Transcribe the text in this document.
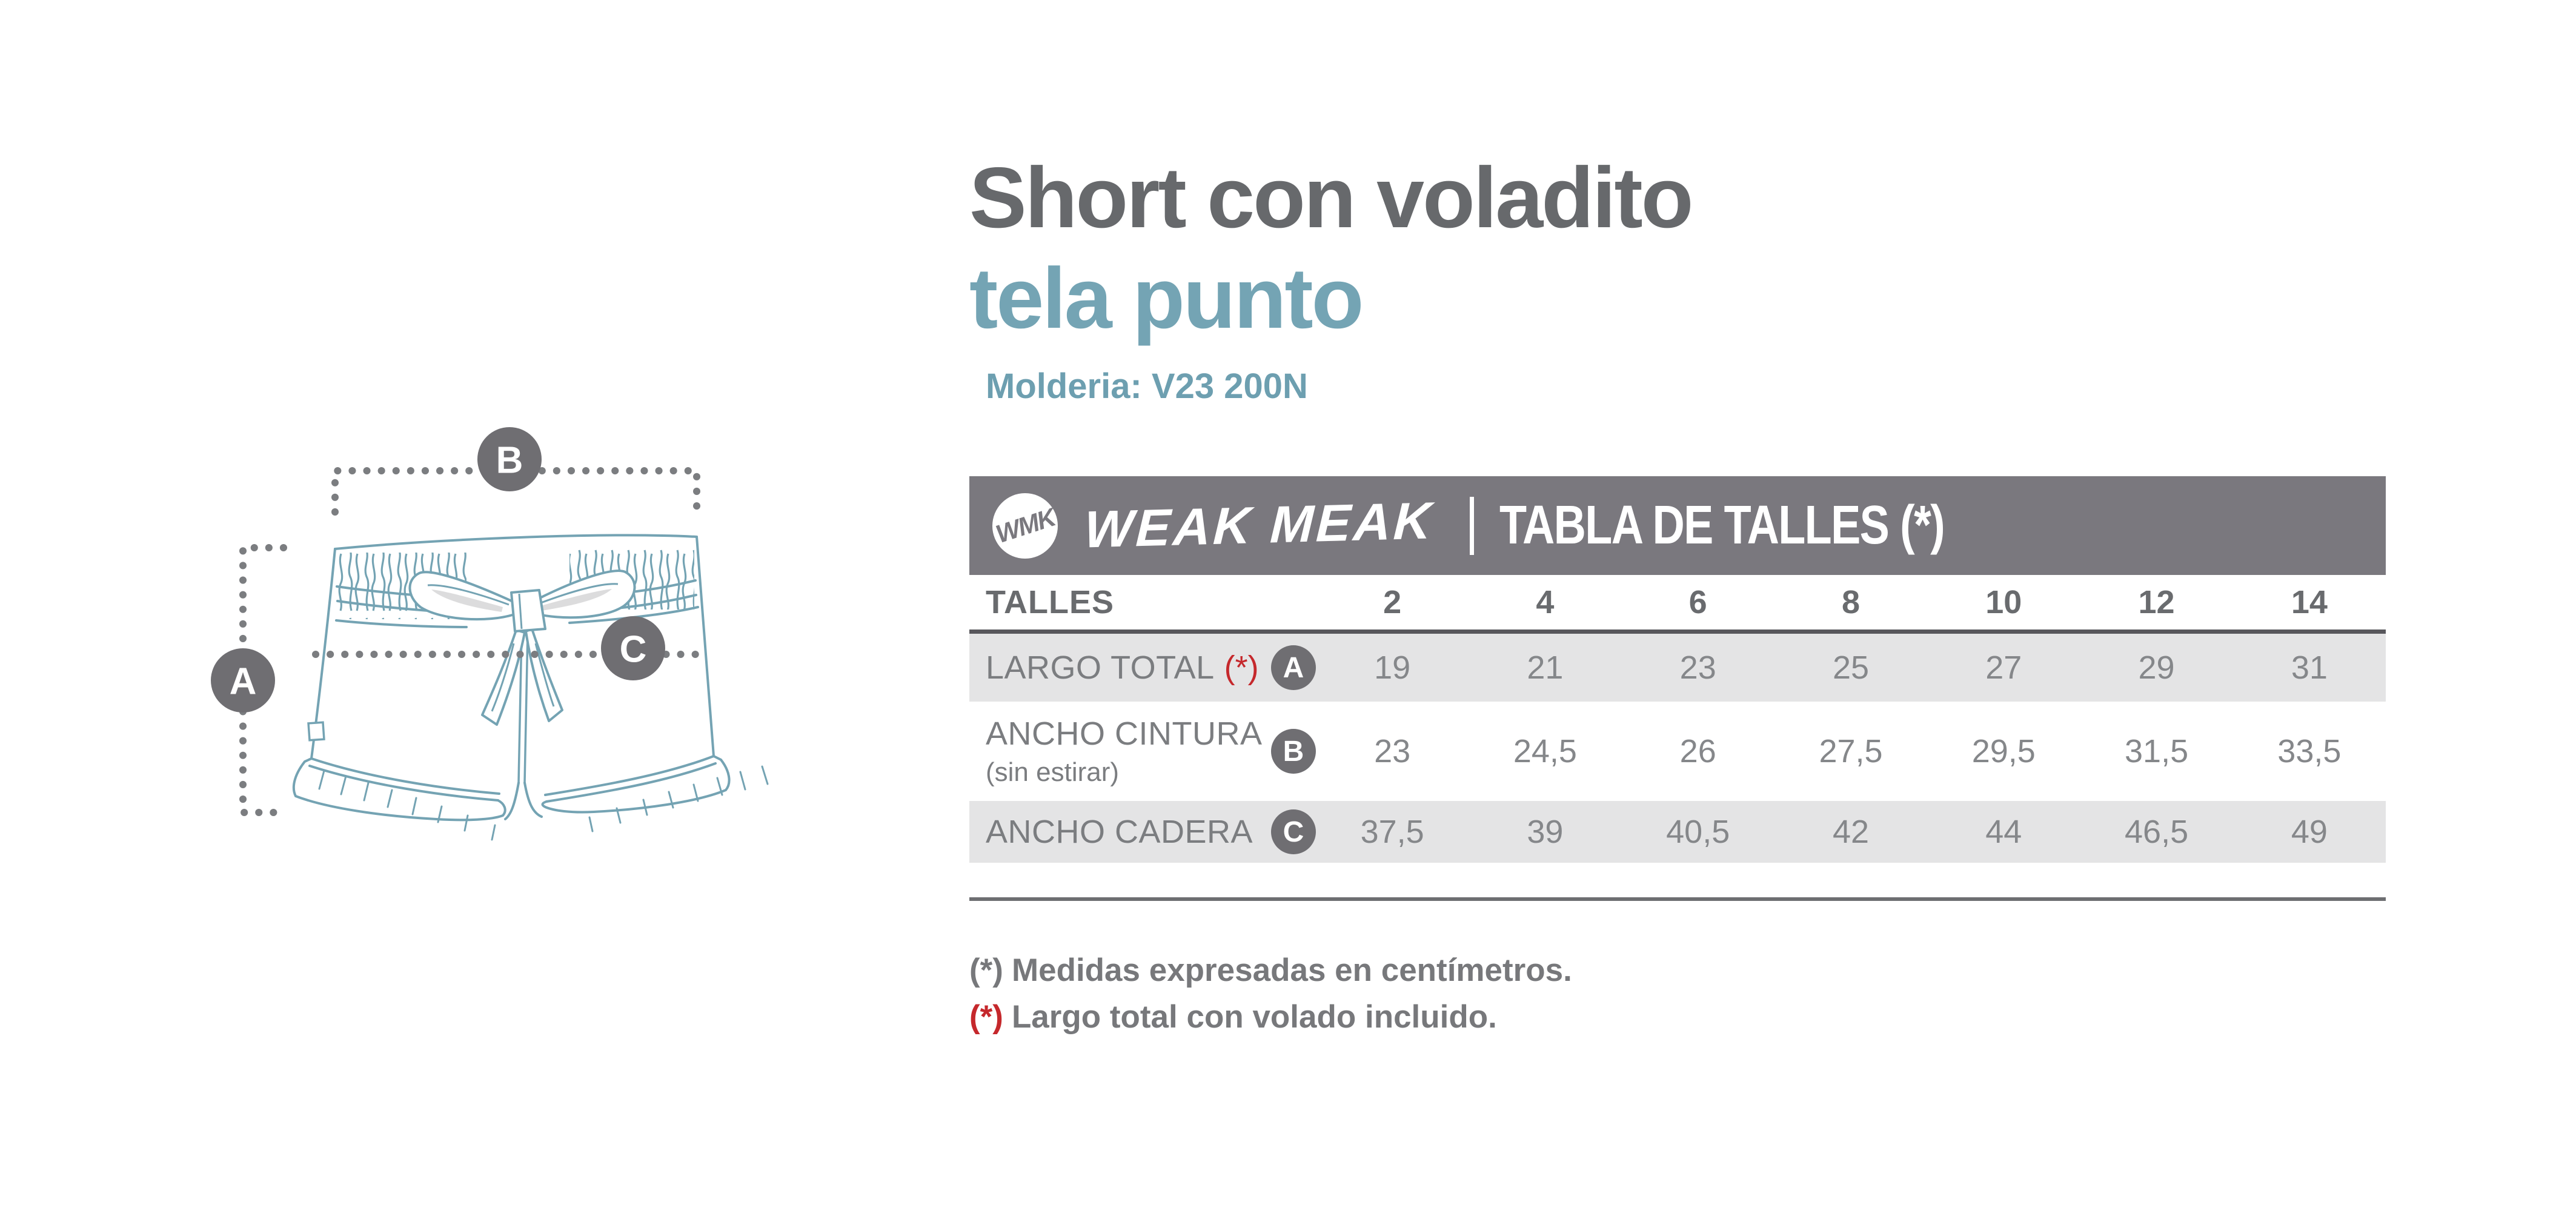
B
A
C
Short con voladito
tela punto
Molderia: V23 200N
WMK WEAK MEAK TABLA DE TALLES (*)
TALLES	2	4	6	8	10	12	14
LARGO TOTAL (*) A	19	21	23	25	27	29	31
ANCHO CINTURA
(sin estirar)
B	23	24,5	26	27,5	29,5	31,5	33,5
ANCHO CADERA	C	37,5	39	40,5	42	44	46,5	49
(*) Medidas expresadas en centímetros.
(*) Largo total con volado incluido.
